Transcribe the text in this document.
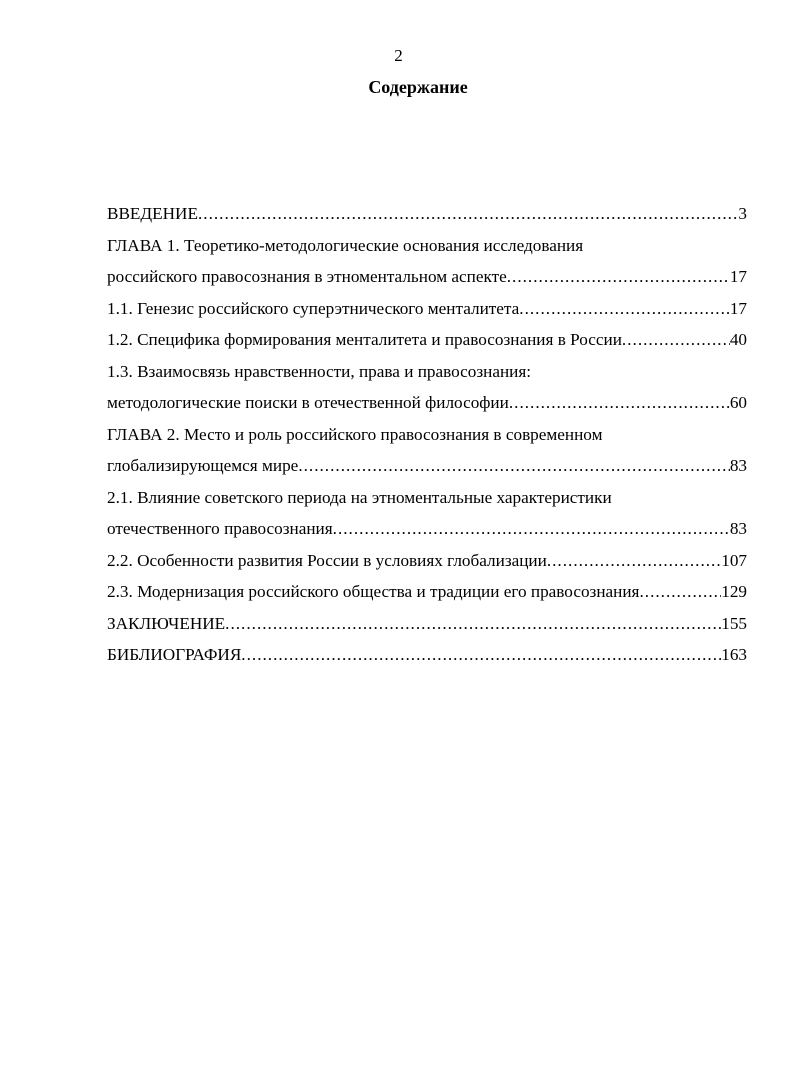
2
Содержание
ВВЕДЕНИЕ .....	3
ГЛАВА 1. Теоретико-методологические основания исследования
российского правосознания в этноментальном аспекте .....	17
1.1. Генезис российского суперэтнического менталитета .....	17
1.2. Специфика формирования менталитета и правосознания в России .....	40
1.3. Взаимосвязь нравственности, права и правосознания:
методологические поиски в отечественной философии .....	60
ГЛАВА 2. Место и роль российского правосознания в современном
глобализирующемся мире .....	83
2.1. Влияние советского периода на этноментальные характеристики
отечественного правосознания .....	83
2.2. Особенности развития России в условиях глобализации .....	107
2.3. Модернизация российского общества и традиции его правосознания .....	129
ЗАКЛЮЧЕНИЕ .....	155
БИБЛИОГРАФИЯ .....	163
